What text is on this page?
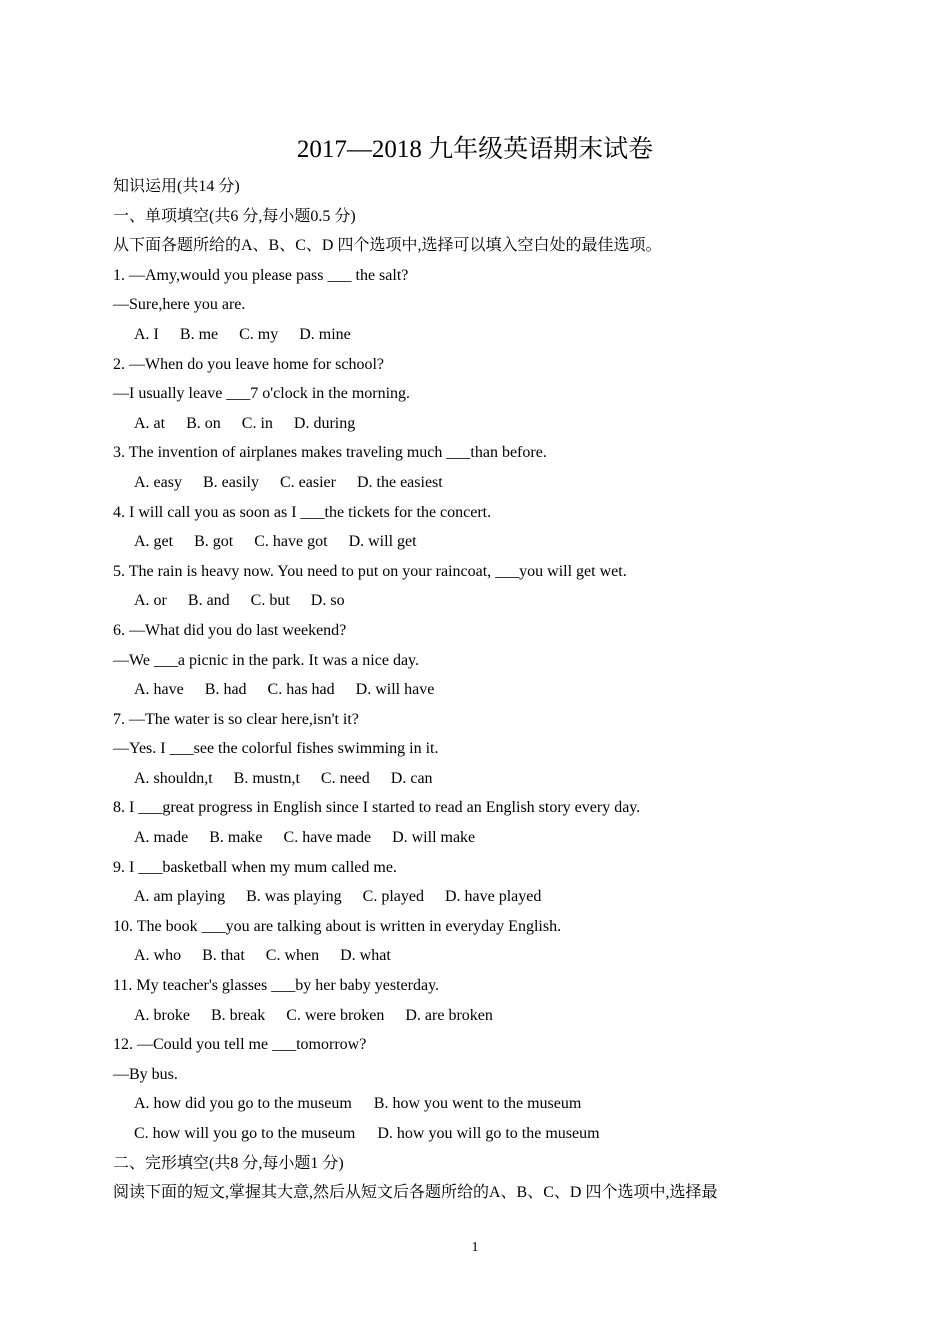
2017—2018 九年级英语期末试卷
知识运用(共14 分)
一、单项填空(共6 分,每小题0.5 分)
从下面各题所给的A、B、C、D 四个选项中,选择可以填入空白处的最佳选项。
1. —Amy,would you please pass ___ the salt?
—Sure,here you are.
A. I B. me C. my D. mine
2. —When do you leave home for school?
—I usually leave ___7 o'clock in the morning.
A. at B. on C. in D. during
3. The invention of airplanes makes traveling much ___than before.
A. easy B. easily C. easier D. the easiest
4. I will call you as soon as I ___the tickets for the concert.
A. get B. got C. have got D. will get
5. The rain is heavy now. You need to put on your raincoat, ___you will get wet.
A. or B. and C. but D. so
6. —What did you do last weekend?
—We ___a picnic in the park. It was a nice day.
A. have B. had C. has had D. will have
7. —The water is so clear here,isn't it?
—Yes. I ___see the colorful fishes swimming in it.
A. shouldn,t B. mustn,t C. need D. can
8. I ___great progress in English since I started to read an English story every day.
A. made B. make C. have made D. will make
9. I ___basketball when my mum called me.
A. am playing B. was playing C. played D. have played
10. The book ___you are talking about is written in everyday English.
A. who B. that C. when D. what
11. My teacher's glasses ___by her baby yesterday.
A. broke B. break C. were broken D. are broken
12. —Could you tell me ___tomorrow?
—By bus.
A. how did you go to the museum B. how you went to the museum
C. how will you go to the museum D. how you will go to the museum
二、完形填空(共8 分,每小题1 分)
阅读下面的短文,掌握其大意,然后从短文后各题所给的A、B、C、D 四个选项中,选择最
1
